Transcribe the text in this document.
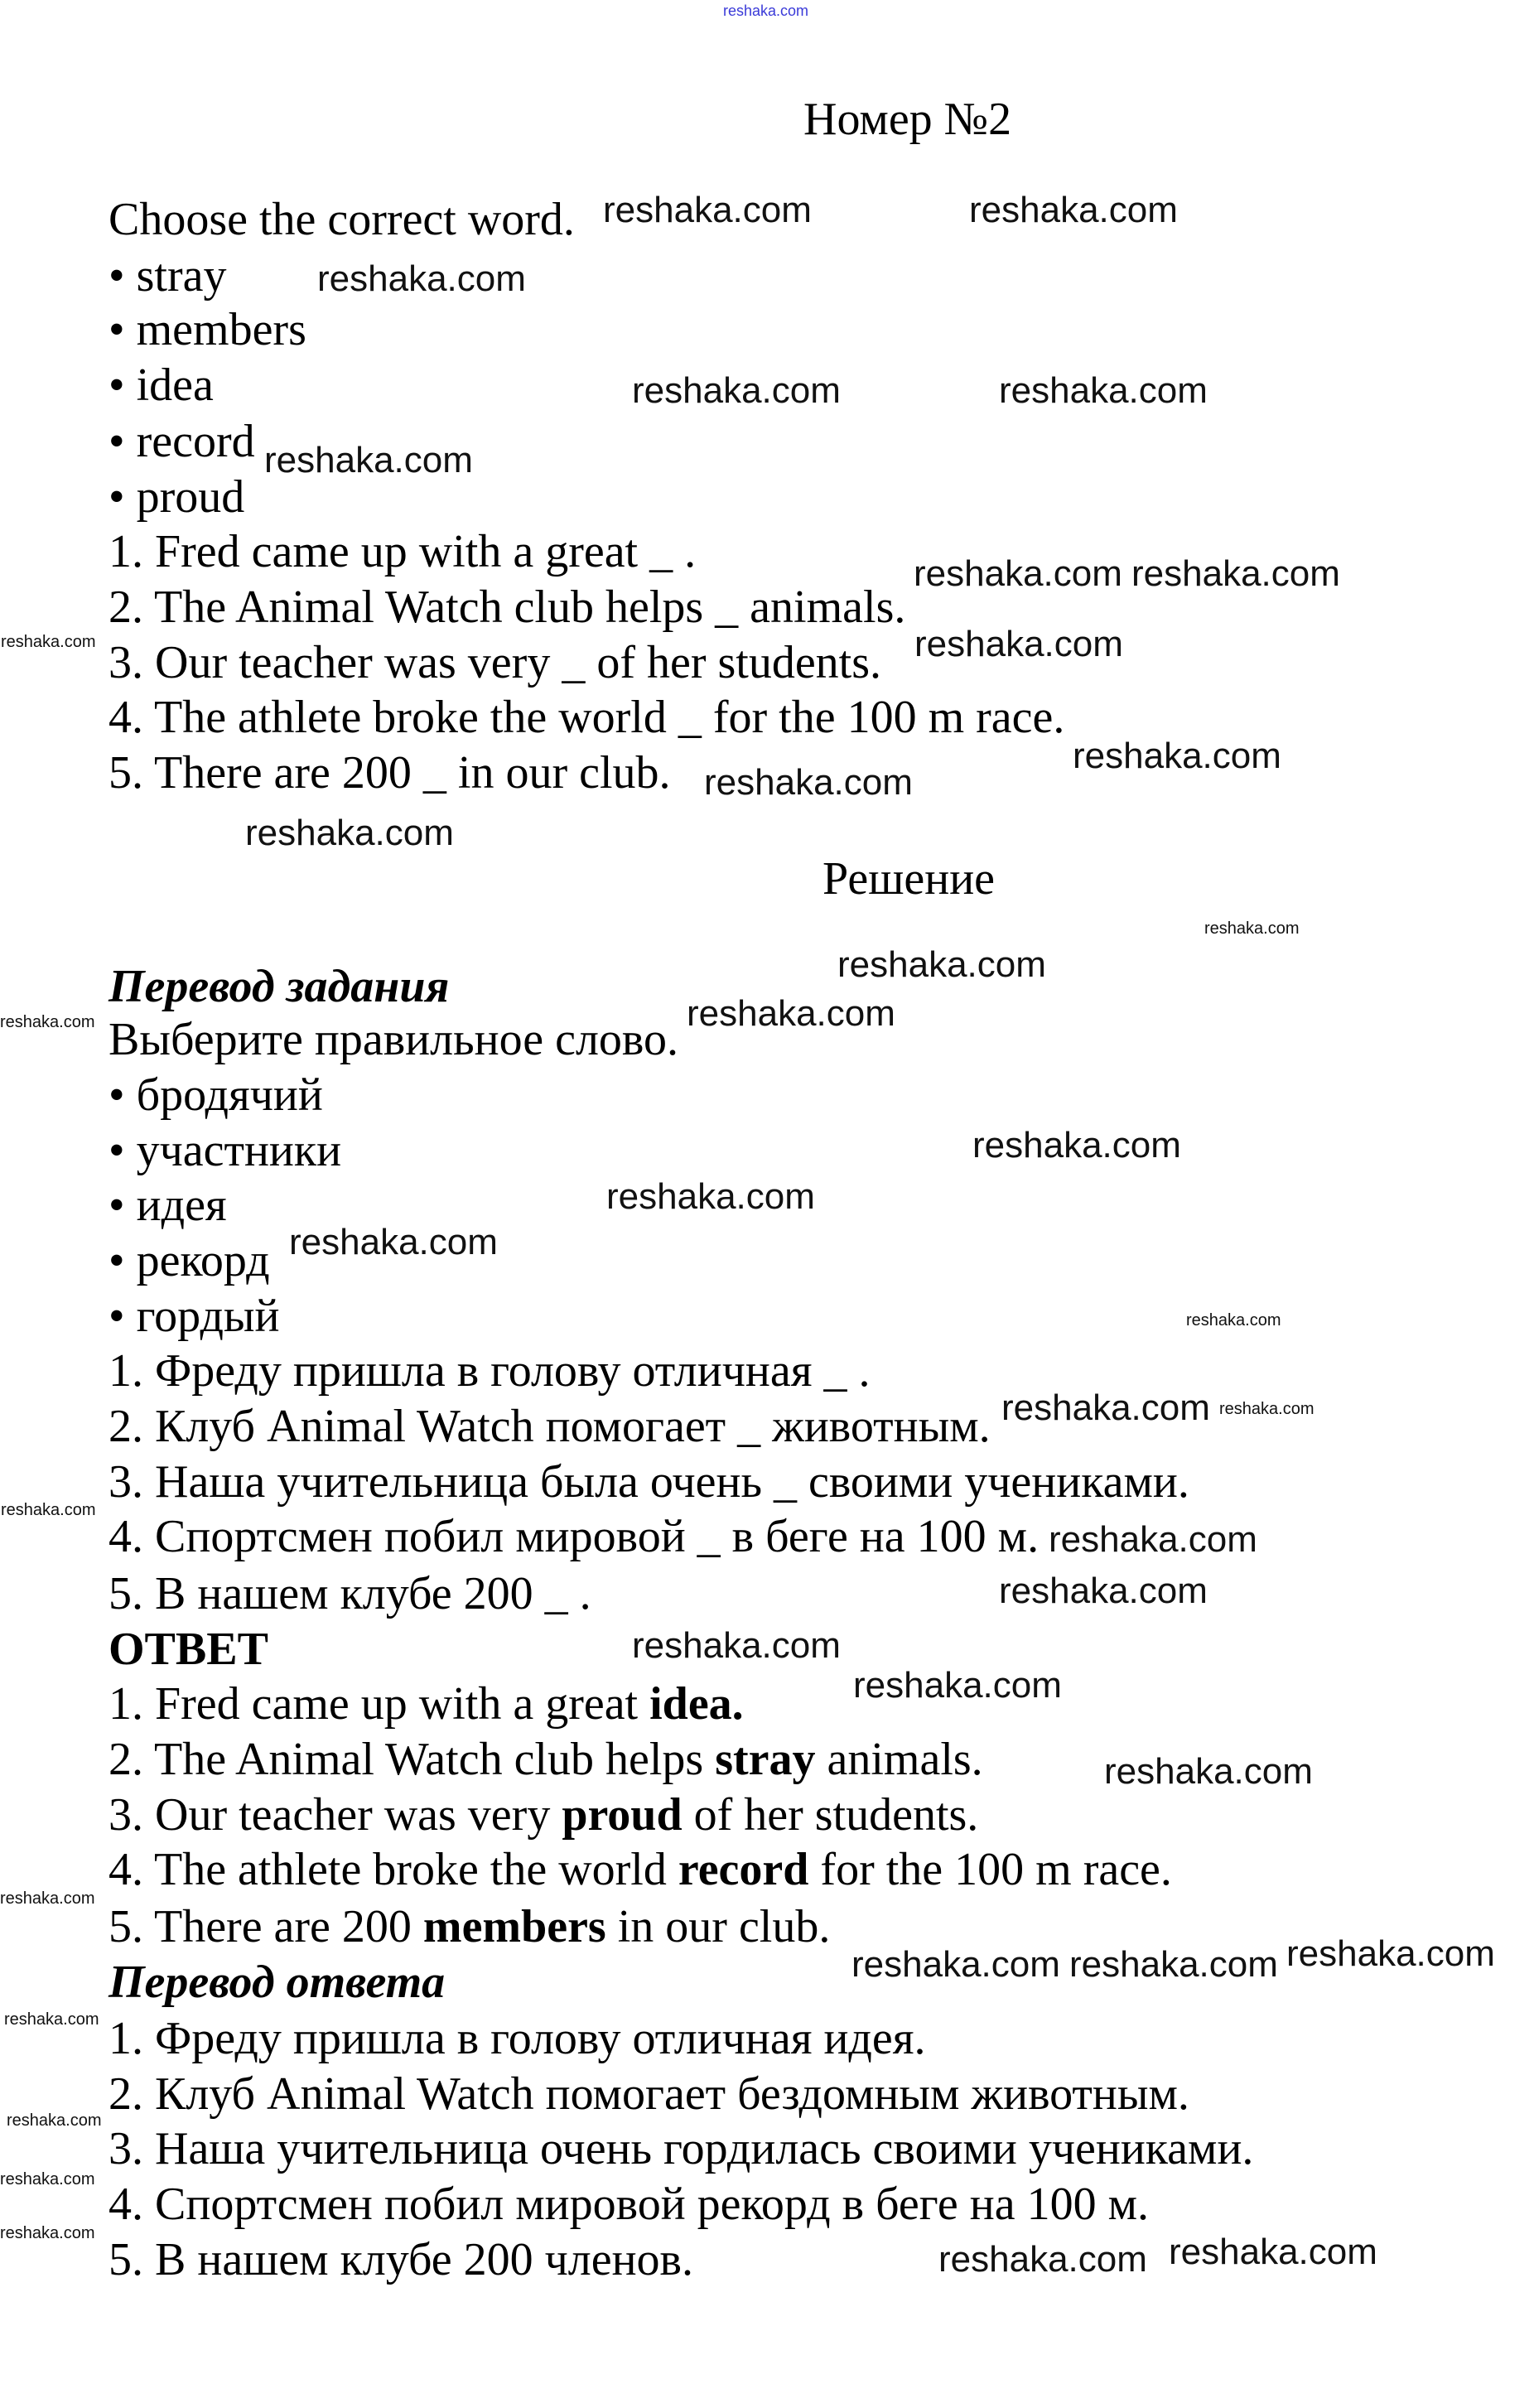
Номер №2
Choose the correct word.
• stray
• members
• idea
• record
• proud
1. Fred came up with a great _ .
2. The Animal Watch club helps _ animals.
3. Our teacher was very _ of her students.
4. The athlete broke the world _ for the 100 m race.
5. There are 200 _ in our club.
Решение
Перевод задания
Выберите правильное слово.
• бродячий
• участники
• идея
• рекорд
• гордый
1. Фреду пришла в голову отличная _ .
2. Клуб Animal Watch помогает _ животным.
3. Наша учительница была очень _ своими учениками.
4. Спортсмен побил мировой _ в беге на 100 м.
5. В нашем клубе 200 _ .
ОТВЕТ
1. Fred came up with a great idea.
2. The Animal Watch club helps stray animals.
3. Our teacher was very proud of her students.
4. The athlete broke the world record for the 100 m race.
5. There are 200 members in our club.
Перевод ответа
1. Фреду пришла в голову отличная идея.
2. Клуб Animal Watch помогает бездомным животным.
3. Наша учительница очень гордилась своими учениками.
4. Спортсмен побил мировой рекорд в беге на 100 м.
5. В нашем клубе 200 членов.
reshaka.com
reshaka.com	reshaka.com
reshaka.com
reshaka.com	reshaka.com
reshaka.com
reshaka.com reshaka.com
reshaka.com
reshaka.com
reshaka.com
reshaka.com
reshaka.com
reshaka.com
reshaka.com
reshaka.com
reshaka.com
reshaka.com
reshaka.com
reshaka.com
reshaka.com
reshaka.com
reshaka.com
reshaka.com reshaka.com reshaka.com
reshaka.com
reshaka.com
reshaka.com
reshaka.com
reshaka.com
reshaka.com
reshaka.com
reshaka.com
reshaka.com
reshaka.com
reshaka.com
reshaka.com
reshaka.com
